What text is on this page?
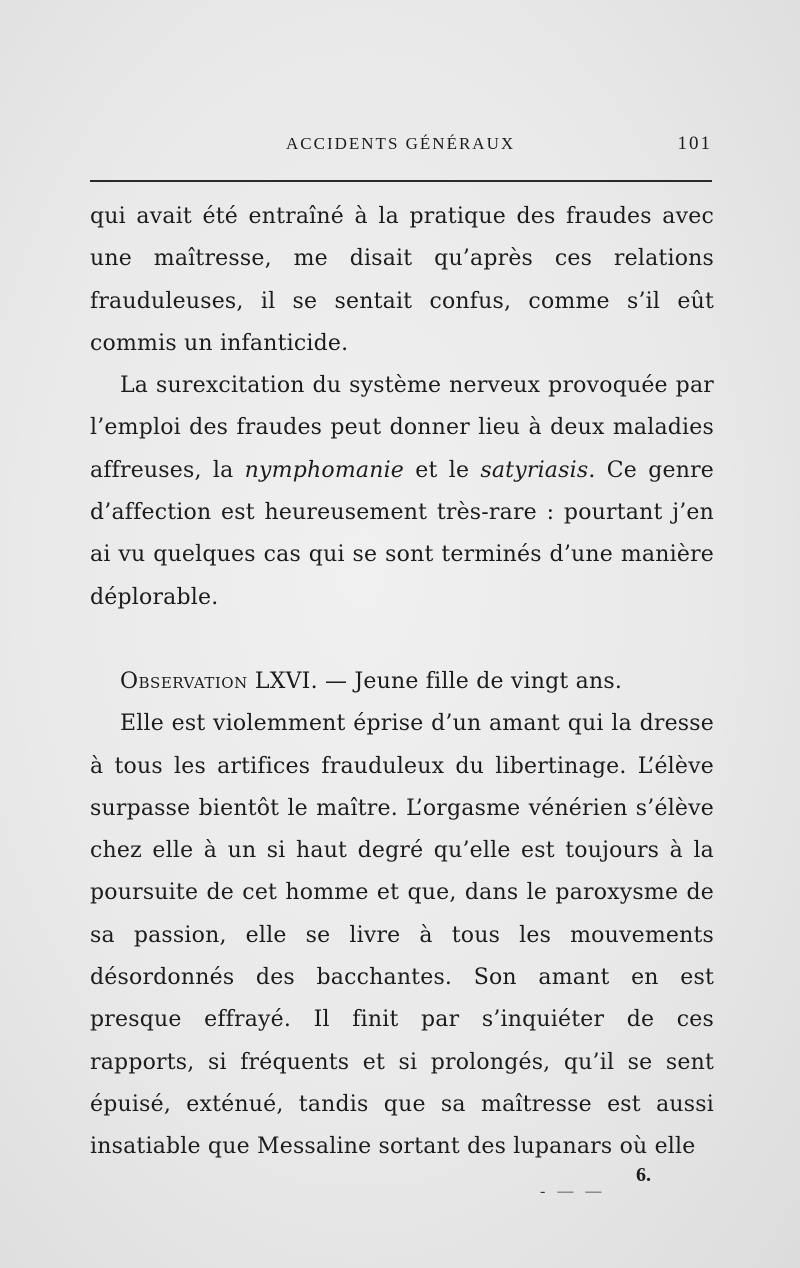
ACCIDENTS GÉNÉRAUX	101

qui avait été entraîné à la pratique des fraudes avec une maîtresse, me disait qu’après ces relations frauduleuses, il se sentait confus, comme s’il eût commis un infanticide.

La surexcitation du système nerveux provoquée par l’emploi des fraudes peut donner lieu à deux maladies affreuses, la nymphomanie et le satyriasis. Ce genre d’affection est heureusement très-rare : pourtant j’en ai vu quelques cas qui se sont terminés d’une manière déplorable.

Observation LXVI. — Jeune fille de vingt ans.

Elle est violemment éprise d’un amant qui la dresse à tous les artifices frauduleux du libertinage. L’élève surpasse bientôt le maître. L’orgasme vénérien s’élève chez elle à un si haut degré qu’elle est toujours à la poursuite de cet homme et que, dans le paroxysme de sa passion, elle se livre à tous les mouvements désordonnés des bacchantes. Son amant en est presque effrayé. Il finit par s’inquiéter de ces rapports, si fréquents et si prolongés, qu’il se sent épuisé, exténué, tandis que sa maîtresse est aussi insatiable que Messaline sortant des lupanars où elle

- — —
6.
